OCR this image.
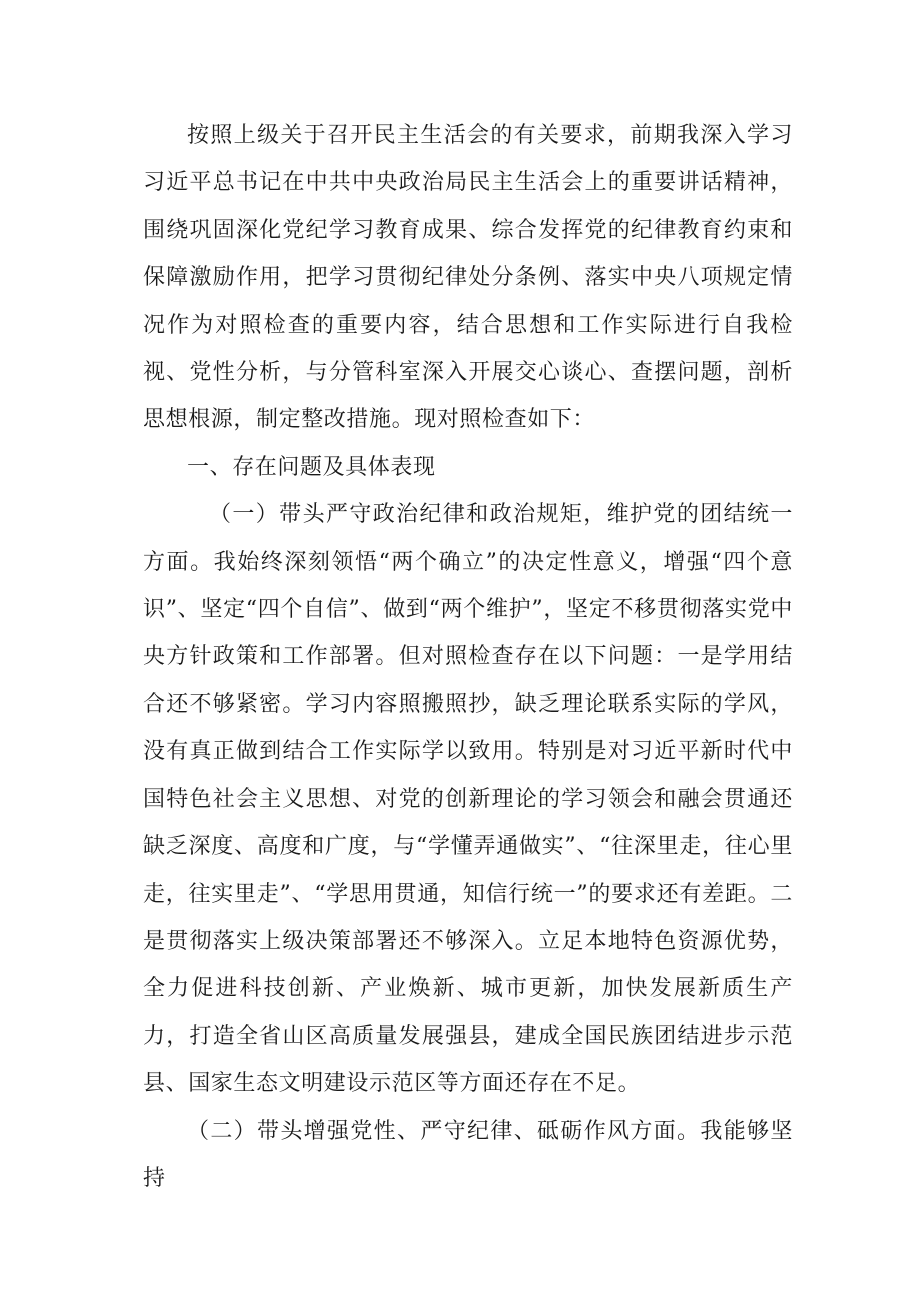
按照上级关于召开民主生活会的有关要求，前期我深入学习习近平总书记在中共中央政治局民主生活会上的重要讲话精神，围绕巩固深化党纪学习教育成果、综合发挥党的纪律教育约束和保障激励作用，把学习贯彻纪律处分条例、落实中央八项规定情况作为对照检查的重要内容，结合思想和工作实际进行自我检视、党性分析，与分管科室深入开展交心谈心、查摆问题，剖析思想根源，制定整改措施。现对照检查如下：

一、存在问题及具体表现

（一）带头严守政治纪律和政治规矩，维护党的团结统一方面。我始终深刻领悟“两个确立”的决定性意义，增强“四个意识”、坚定“四个自信”、做到“两个维护”，坚定不移贯彻落实党中央方针政策和工作部署。但对照检查存在以下问题：一是学用结合还不够紧密。学习内容照搬照抄，缺乏理论联系实际的学风，没有真正做到结合工作实际学以致用。特别是对习近平新时代中国特色社会主义思想、对党的创新理论的学习领会和融会贯通还缺乏深度、高度和广度，与“学懂弄通做实”、“往深里走，往心里走，往实里走”、“学思用贯通，知信行统一”的要求还有差距。二是贯彻落实上级决策部署还不够深入。立足本地特色资源优势，全力促进科技创新、产业焕新、城市更新，加快发展新质生产力，打造全省山区高质量发展强县，建成全国民族团结进步示范县、国家生态文明建设示范区等方面还存在不足。

（二）带头增强党性、严守纪律、砥砺作风方面。我能够坚持
